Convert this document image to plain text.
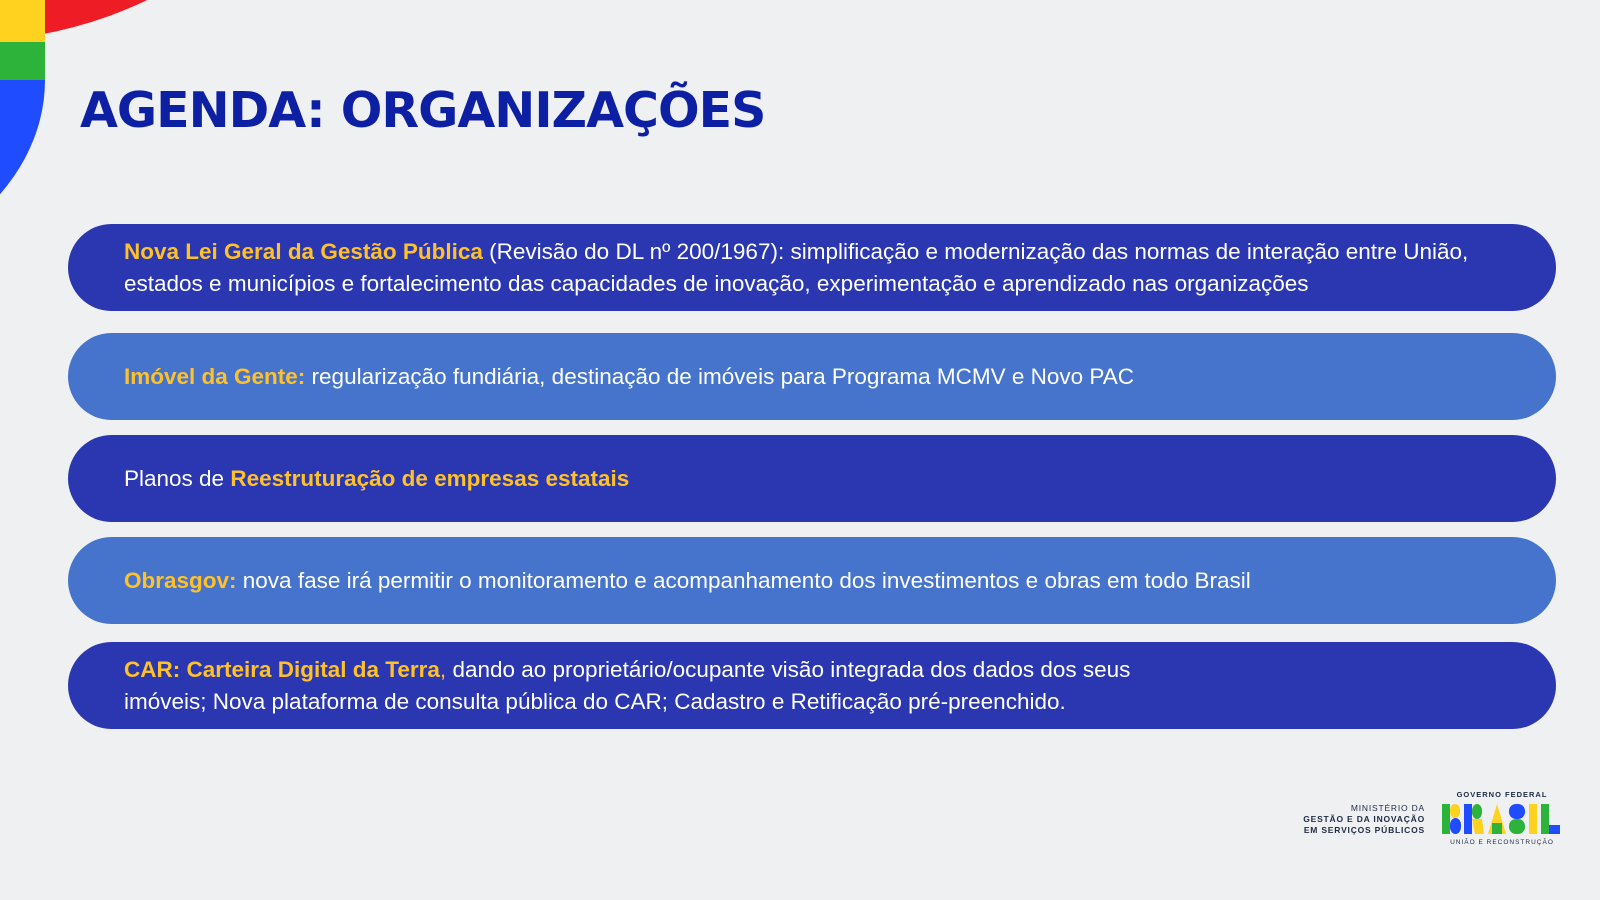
AGENDA: ORGANIZAÇÕES

Nova Lei Geral da Gestão Pública (Revisão do DL nº 200/1967): simplificação e modernização das normas de interação entre União, estados e municípios e fortalecimento das capacidades de inovação, experimentação e aprendizado nas organizações

Imóvel da Gente: regularização fundiária, destinação de imóveis para Programa MCMV e Novo PAC

Planos de Reestruturação de empresas estatais

Obrasgov: nova fase irá permitir o monitoramento e acompanhamento dos investimentos e obras em todo Brasil

CAR: Carteira Digital da Terra, dando ao proprietário/ocupante visão integrada dos dados dos seus
imóveis; Nova plataforma de consulta pública do CAR; Cadastro e Retificação pré-preenchido.

MINISTÉRIO DA
GESTÃO E DA INOVAÇÃO
EM SERVIÇOS PÚBLICOS
GOVERNO FEDERAL
BRASIL
UNIÃO E RECONSTRUÇÃO
